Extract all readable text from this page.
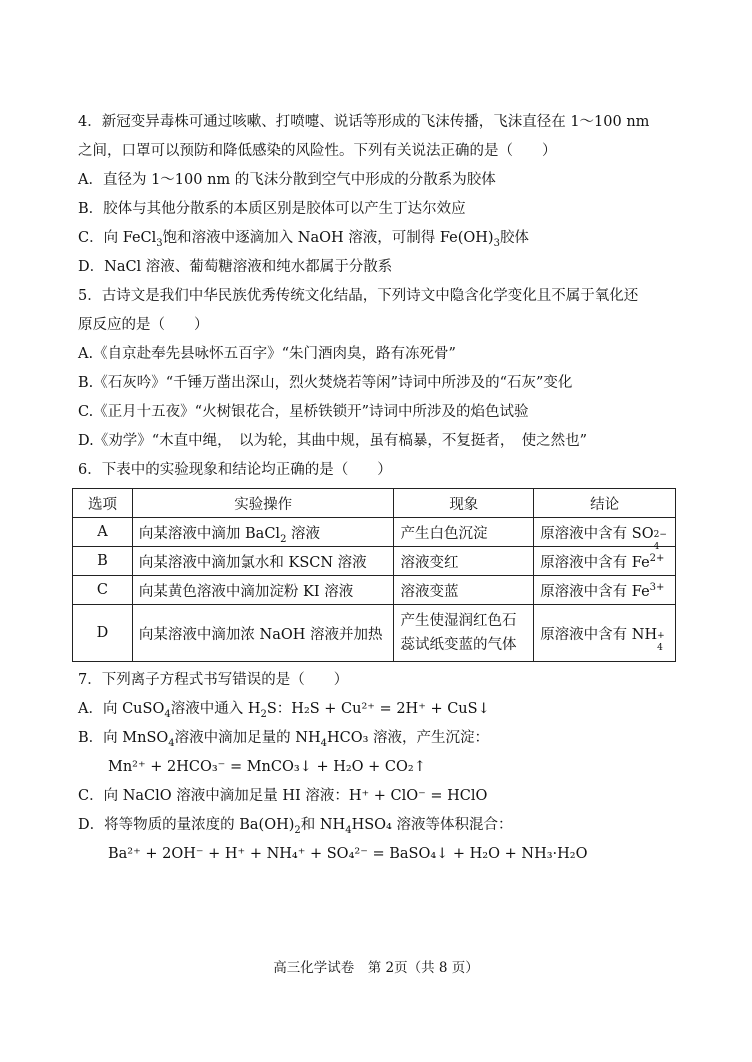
4．新冠变异毒株可通过咳嗽、打喷嚏、说话等形成的飞沫传播，飞沫直径在 1～100 nm
之间，口罩可以预防和降低感染的风险性。下列有关说法正确的是（　　）
A．直径为 1～100 nm 的飞沫分散到空气中形成的分散系为胶体
B．胶体与其他分散系的本质区别是胶体可以产生丁达尔效应
C．向 FeCl$_3$饱和溶液中逐滴加入 NaOH 溶液，可制得 $Fe(OH)_3$胶体
D．NaCl 溶液、葡萄糖溶液和纯水都属于分散系
5．古诗文是我们中华民族优秀传统文化结晶，下列诗文中隐含化学变化且不属于氧化还
原反应的是（　　）
A.《自京赴奉先县咏怀五百字》“朱门酒肉臭，路有冻死骨”
B.《石灰吟》“千锤万凿出深山，烈火焚烧若等闲”诗词中所涉及的“石灰”变化
C.《正月十五夜》“火树银花合，星桥铁锁开”诗词中所涉及的焰色试验
D.《劝学》“木直中绳，　以为轮，其曲中规，虽有槁暴，不复挺者，　使之然也”
6．下表中的实验现象和结论均正确的是（　　）
选项	实验操作	现象	结论
A	向某溶液中滴加 BaCl$_2$ 溶液	产生白色沉淀	原溶液中含有 SO 2−
4

B	向某溶液中滴加氯水和 KSCN 溶液	溶液变红	原溶液中含有 $Fe^{2+}$
C	向某黄色溶液中滴加淀粉 KI 溶液	溶液变蓝	原溶液中含有 $Fe^{3+}$
D	向某溶液中滴加浓 NaOH 溶液并加热	产生使湿润红色石蕊试纸变蓝的气体	原溶液中含有 NH +
4
7．下列离子方程式书写错误的是（　　）
A．向 CuSO$_4$溶液中通入 $H_2S$：H₂S + Cu²⁺ = 2H⁺ + CuS↓
B．向 MnSO$_4$溶液中滴加足量的 $NH_4HCO_3$ 溶液，产生沉淀：
Mn²⁺ + 2HCO₃⁻ = MnCO₃↓ + H₂O + CO₂↑
C．向 NaClO 溶液中滴加足量 HI 溶液：H⁺ + ClO⁻ = HClO
D．将等物质的量浓度的 $Ba(OH)_2$和 $NH_4HSO_4$ 溶液等体积混合：
Ba²⁺ + 2OH⁻ + H⁺ + NH₄⁺ + SO₄²⁻ = BaSO₄↓ + H₂O + NH₃·H₂O
高三化学试卷　第 2页（共 8 页）
